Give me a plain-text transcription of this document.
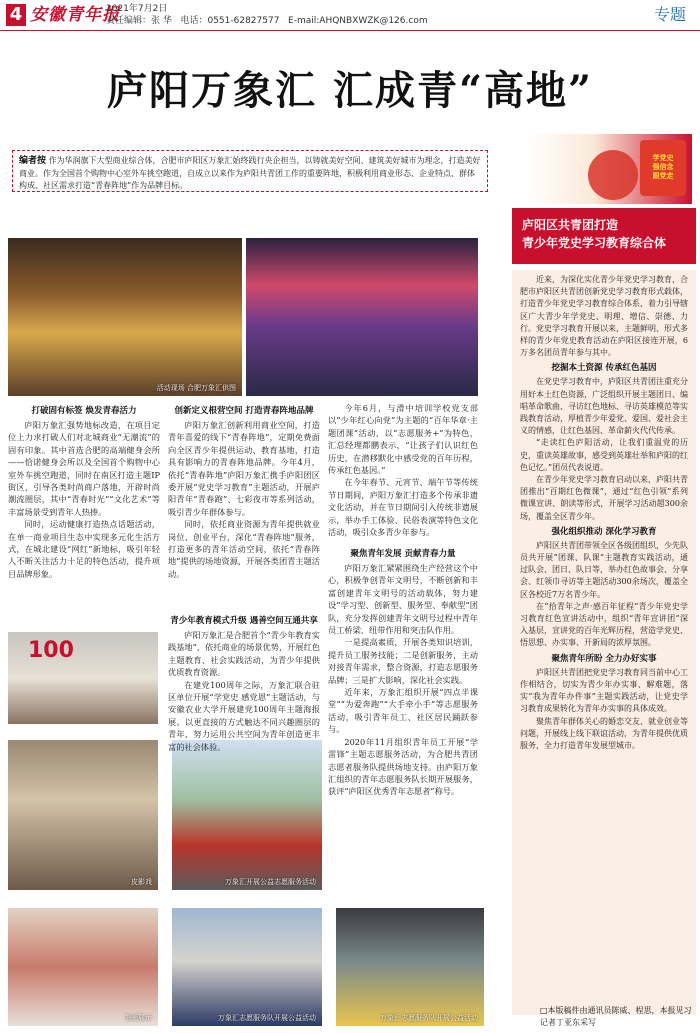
4 安徽青年报
2021年7月2日
责任编辑：张 华 电话：0551-62827577 E-mail:AHQNBXWZK@126.com	专题
庐阳万象汇 汇成青“高地”
编者按 作为华润旗下大型商业综合体，合肥市庐阳区万象汇始终践行央企担当，以铸就美好空间、建筑美好城市为理念，打造美好商业。作为全国首个购物中心室外车挑空跑道，自成立以来作为庐阳共青团工作的重要阵地，积极利用商业形态、企业特点、群体构成、社区需求打造“青春阵地”作为品牌目标。
学党史
强信念
跟党走
活动现场 合肥万象汇供图
100
皮影戏	万象汇开展公益志愿服务活动
书画展示	万象汇志愿服务队开展公益活动	万象汇志愿服务队开展公益活动
打破固有标签 焕发青春活力

庐阳万象汇强势地标改造，在项目定位上力求打破人们对北城商业“无潮流”的固有印象。其中首选合肥的高端健身会所——恰诺健身会所以及全国首个购物中心室外车挑空跑道，同时在南区打造主题IP街区，引导各类时尚商户落地，开辟时尚潮流圈层，其中“青春时光”“文化艺术”等丰富场景受到青年人热捧。

同时，运动健康打造热点话题活动，在单一商业项目生态中实现多元化生活方式，在城北建设“网红”新地标，吸引年轻人不断关注活力十足的特色活动，提升项目品牌形象。

创新定义根营空间 打造青春阵地品牌

庐阳万象汇创新利用商业空间，打造青年喜爱的线下“青春阵地”，定期免费面向全区青少年提供运动、教育基地，打造具有影响力的青春阵地品牌。今年4月，依托“青春阵地”庐阳万象汇携手庐阳团区委开展“党史学习教育”主题活动，开展庐阳青年“青春跑”、七彩夜市等系列活动，吸引青少年群体参与。

同时，依托商业资源为青年提供就业岗位、创业平台，深化“青春阵地”服务，打造更多的青年活动空间，依托“青春阵地”提供的场地资源，开展各类团青主题活动。

青少年教育模式升级 遇善空间互通共享

庐阳万象汇是合肥首个“青少年教育实践基地”，依托商业的场景优势，开展红色主题教育、社会实践活动，为青少年提供优质教育资源。

在建党100周年之际，万象汇联合驻区单位开展“学党史 感党恩”主题活动，与安徽农业大学开展建党100周年主题海报展。以更直接的方式触达不同兴趣圈层的青年，努力运用公共空间为青年创造更丰富的社会体验。

今年6月，与滑中培训学校党支部以“少年红心向党”为主题的“百年华章·主题团课”活动，以“志愿服务+”为特色，汇总经理都鹏表示，“让孩子们认识红色历史，在潜移默化中感受党的百年历程，传承红色基因。”

在今年春节、元宵节、端午节等传统节日期间，庐阳万象汇打造多个传承非遗文化活动，并在节日期间引入传统非遗展示，举办手工体验、民俗表演等特色文化活动，吸引众多青少年参与。

聚焦青年发展 贡献青春力量

庐阳万象汇紧紧围绕生产经营这个中心，积极争创青年文明号，不断创新和丰富创建青年文明号的活动载体，努力建设“学习型、创新型、服务型、奉献型”团队，充分发挥创建青年文明号过程中青年员工桥梁、纽带作用和突击队作用。

一是提高素质，开展各类知识培训，提升员工服务技能；二是创新服务，主动对接青年需求，整合资源，打造志愿服务品牌；三是扩大影响，深化社会实践。

近年来，万象汇组织开展“四点半课堂”“为爱奔跑”“大手牵小手”等志愿服务活动，吸引青年员工、社区居民踊跃参与。

2020年11月组织青年员工开展“学雷锋”主题志愿服务活动，为合肥共青团志愿者服务队提供场地支持。由庐阳万象汇组织的青年志愿服务队长期开展服务，获评“庐阳区优秀青年志愿者”称号。

庐阳区共青团打造
青少年党史学习教育综合体

近来，为深化实化青少年党史学习教育，合肥市庐阳区共青团创新党史学习教育形式载体，打造青少年党史学习教育综合体系，着力引导辖区广大青少年学党史、明理、增信、崇德、力行。党史学习教育开展以来，主题鲜明、形式多样的青少年党史教育活动在庐阳区接连开展，6万多名团员青年参与其中。

挖掘本土资源 传承红色基因

在党史学习教育中，庐阳区共青团注重充分用好本土红色资源，广泛组织开展主题团日、编唱革命歌曲、寻访红色地标、寻访英雄模范等实践教育活动，厚植青少年爱党、爱国、爱社会主义的情感，让红色基因、革命薪火代代传承。

“走读红色庐阳活动，让我们重温党的历史，重读英雄故事，感受到英雄壮举和庐阳的红色记忆。”团员代表说道。

在青少年党史学习教育启动以来，庐阳共青团推出“百期红色微课”，通过“红色引领”系列微课宣讲、朗读等形式，开展学习活动超300余场，覆盖全区青少年。

强化组织推动 深化学习教育

庐阳区共青团带领全区各级团组织，少先队员共开展“团课、队课”主题教育实践活动，通过队会、团日、队日等，举办红色故事会、分享会、红领巾寻访等主题活动300余场次，覆盖全区各校近7万名青少年。

在“拾青年之声·感百年征程”青少年党史学习教育红色宣讲活动中，组织“青年宣讲团”深入基层，宣讲党的百年光辉历程，营造学党史、悟思想、办实事、开新局的浓厚氛围。

聚焦青年所盼 全力办好实事

庐阳区共青团把党史学习教育同当前中心工作相结合，切实为青少年办实事、解难题，落实“我为青年办件事”主题实践活动，让党史学习教育成果转化为青年办实事的具体成效。

聚焦青年群体关心的婚恋交友、就业创业等问题，开展线上线下联谊活动，为青年提供优质服务，全力打造青年发展型城市。

□本版稿件由通讯员陈威、程思，本报见习记者丁亚东采写
